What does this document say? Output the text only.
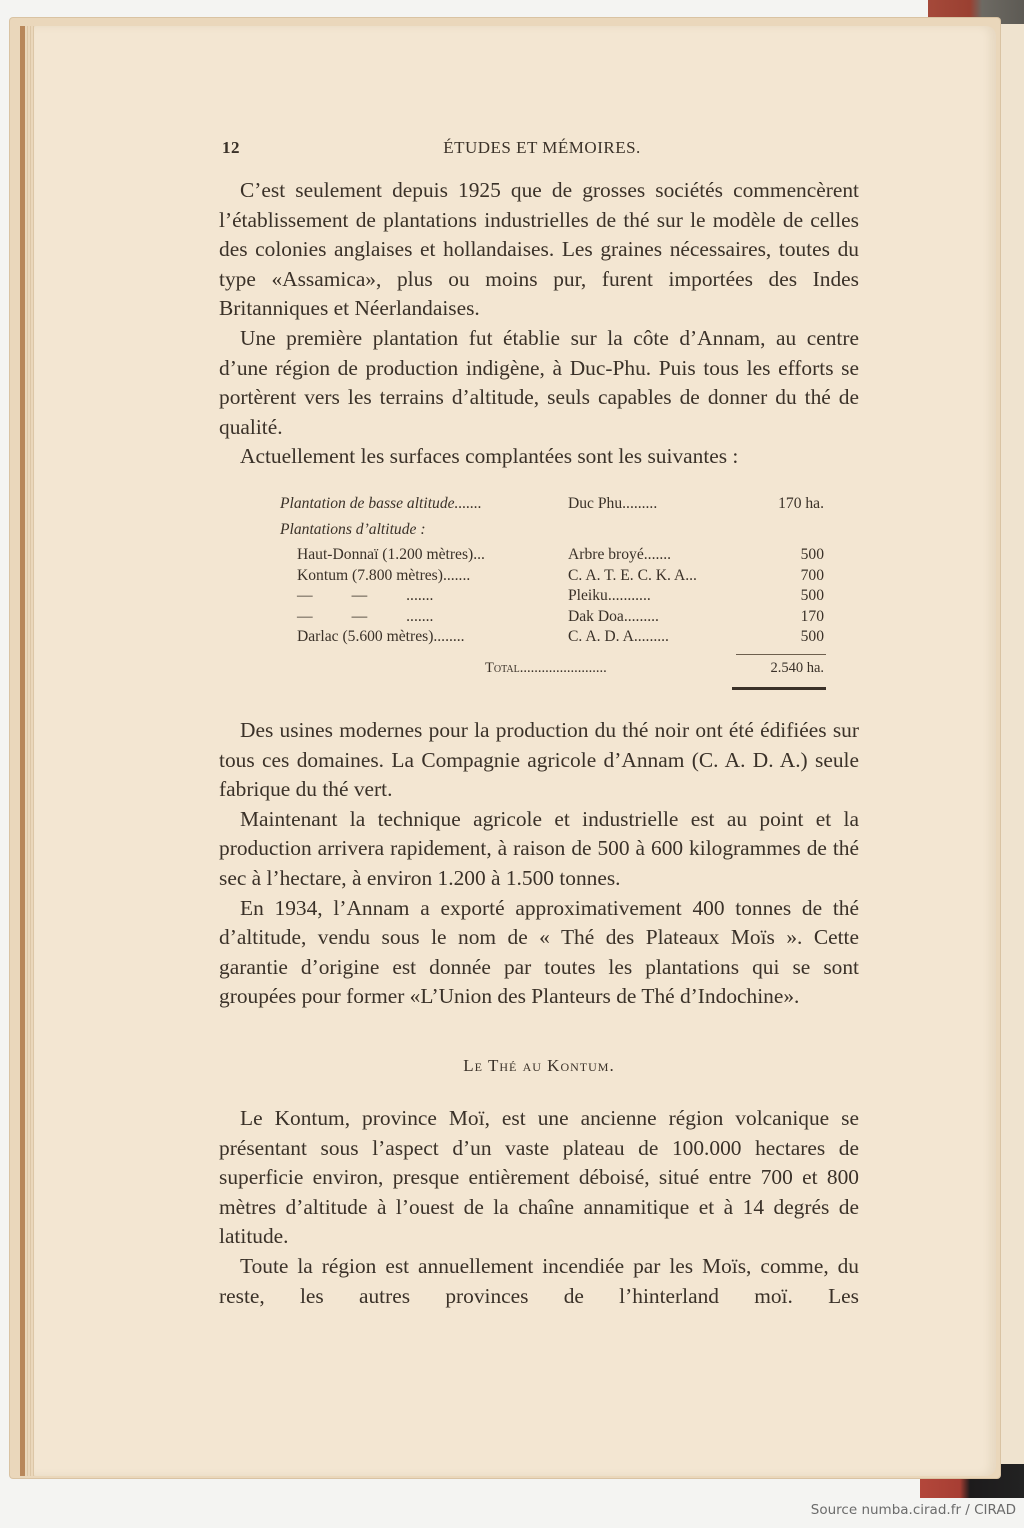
12	ÉTUDES ET MÉMOIRES.

C’est seulement depuis 1925 que de grosses sociétés commencèrent l’établissement de plantations industrielles de thé sur le modèle de celles des colonies anglaises et hollandaises. Les graines nécessaires, toutes du type «Assamica», plus ou moins pur, furent importées des Indes Britanniques et Néerlandaises.

Une première plantation fut établie sur la côte d’Annam, au centre d’une région de production indigène, à Duc-Phu. Puis tous les efforts se portèrent vers les terrains d’altitude, seuls capables de donner du thé de qualité.

Actuellement les surfaces complantées sont les suivantes :

Plantation de basse altitude.......	Duc Phu.........	170 ha.
Plantations d’altitude :
Haut-Donnaï (1.200 mètres)...	Arbre broyé.......	500
Kontum (7.800 mètres).......	C. A. T. E. C. K. A...	700
—          —          .......	Pleiku...........	500
—          —          .......	Dak Doa.........	170
Darlac (5.600 mètres)........	C. A. D. A.........	500
Total........................	2.540 ha.

Des usines modernes pour la production du thé noir ont été édifiées sur tous ces domaines. La Compagnie agricole d’Annam (C. A. D. A.) seule fabrique du thé vert.

Maintenant la technique agricole et industrielle est au point et la production arrivera rapidement, à raison de 500 à 600 kilogrammes de thé sec à l’hectare, à environ 1.200 à 1.500 tonnes.

En 1934, l’Annam a exporté approximativement 400 tonnes de thé d’altitude, vendu sous le nom de « Thé des Plateaux Moïs ». Cette garantie d’origine est donnée par toutes les plantations qui se sont groupées pour former «L’Union des Planteurs de Thé d’Indochine».

Le Thé au Kontum.

Le Kontum, province Moï, est une ancienne région volcanique se présentant sous l’aspect d’un vaste plateau de 100.000 hectares de superficie environ, presque entièrement déboisé, situé entre 700 et 800 mètres d’altitude à l’ouest de la chaîne annamitique et à 14 degrés de latitude.

Toute la région est annuellement incendiée par les Moïs, comme, du reste, les autres provinces de l’hinterland moï. Les

Source numba.cirad.fr / CIRAD
